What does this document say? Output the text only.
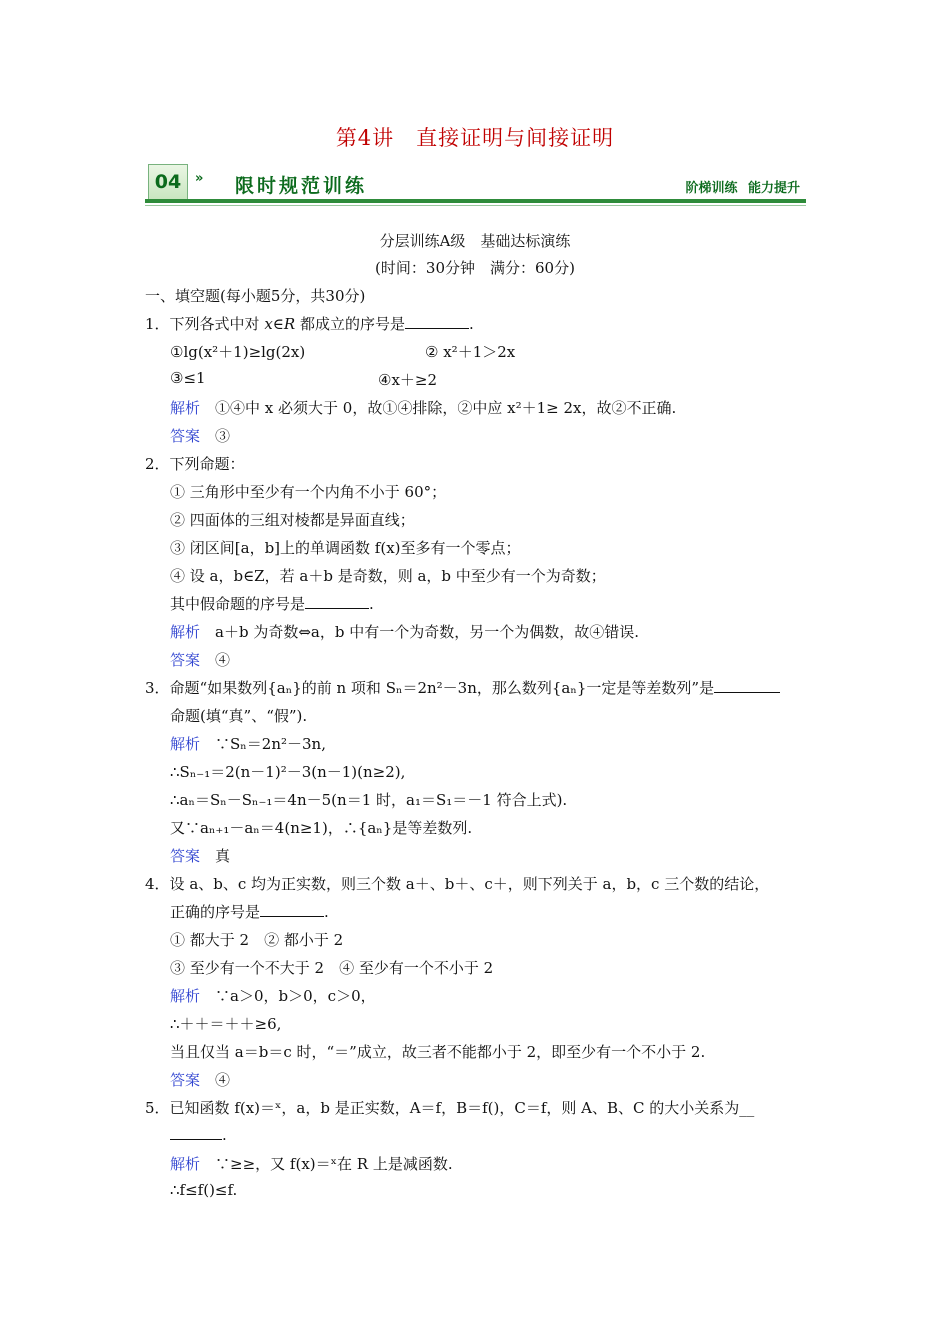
第4讲　直接证明与间接证明
04	» 限时规范训练	阶梯训练 能力提升
分层训练A级　基础达标演练
(时间：30分钟　满分：60分)
一、填空题(每小题5分，共30分)
1．下列各式中对 x∈R 都成立的序号是	.
①lg(x²＋1)≥lg(2x)	② x²＋1＞2x
③≤1	④x＋≥2
解析　 ①④中 x 必须大于 0，故①④排除，②中应 x²＋1≥ 2x，故②不正确.
答案　 ③
2．下列命题：
① 三角形中至少有一个内角不小于 60°；
② 四面体的三组对棱都是异面直线；
③ 闭区间[a，b]上的单调函数 f(x)至多有一个零点；
④ 设 a，b∈Z，若 a＋b 是奇数，则 a，b 中至少有一个为奇数；
其中假命题的序号是	.
解析　 a＋b 为奇数⇔a，b 中有一个为奇数，另一个为偶数，故④错误.
答案　 ④
3．命题“如果数列{aₙ}的前 n 项和 Sₙ＝2n²－3n，那么数列{aₙ}一定是等差数列”是
命题(填“真”、“假”).
解析　 ∵Sₙ＝2n²－3n,
∴Sₙ₋₁＝2(n－1)²－3(n－1)(n≥2),
∴aₙ＝Sₙ－Sₙ₋₁＝4n－5(n＝1 时，a₁＝S₁＝－1 符合上式).
又∵aₙ₊₁－aₙ＝4(n≥1)，∴{aₙ}是等差数列.
答案　 真
4．设 a、b、c 均为正实数，则三个数 a＋、b＋、c＋，则下列关于 a，b，c 三个数的结论，
正确的序号是	.
① 都大于 2　② 都小于 2
③ 至少有一个不大于 2　④ 至少有一个不小于 2
解析　 ∵a＞0，b＞0，c＞0，
∴＋＋＝＋＋≥6,
当且仅当 a＝b＝c 时，“＝”成立，故三者不能都小于 2，即至少有一个不小于 2.
答案　 ④
5．已知函数 f(x)＝ˣ，a，b 是正实数，A＝f，B＝f()，C＝f，则 A、B、C 的大小关系为__
.
解析　 ∵≥≥，又 f(x)＝ˣ在 R 上是减函数.
∴f≤f()≤f.
